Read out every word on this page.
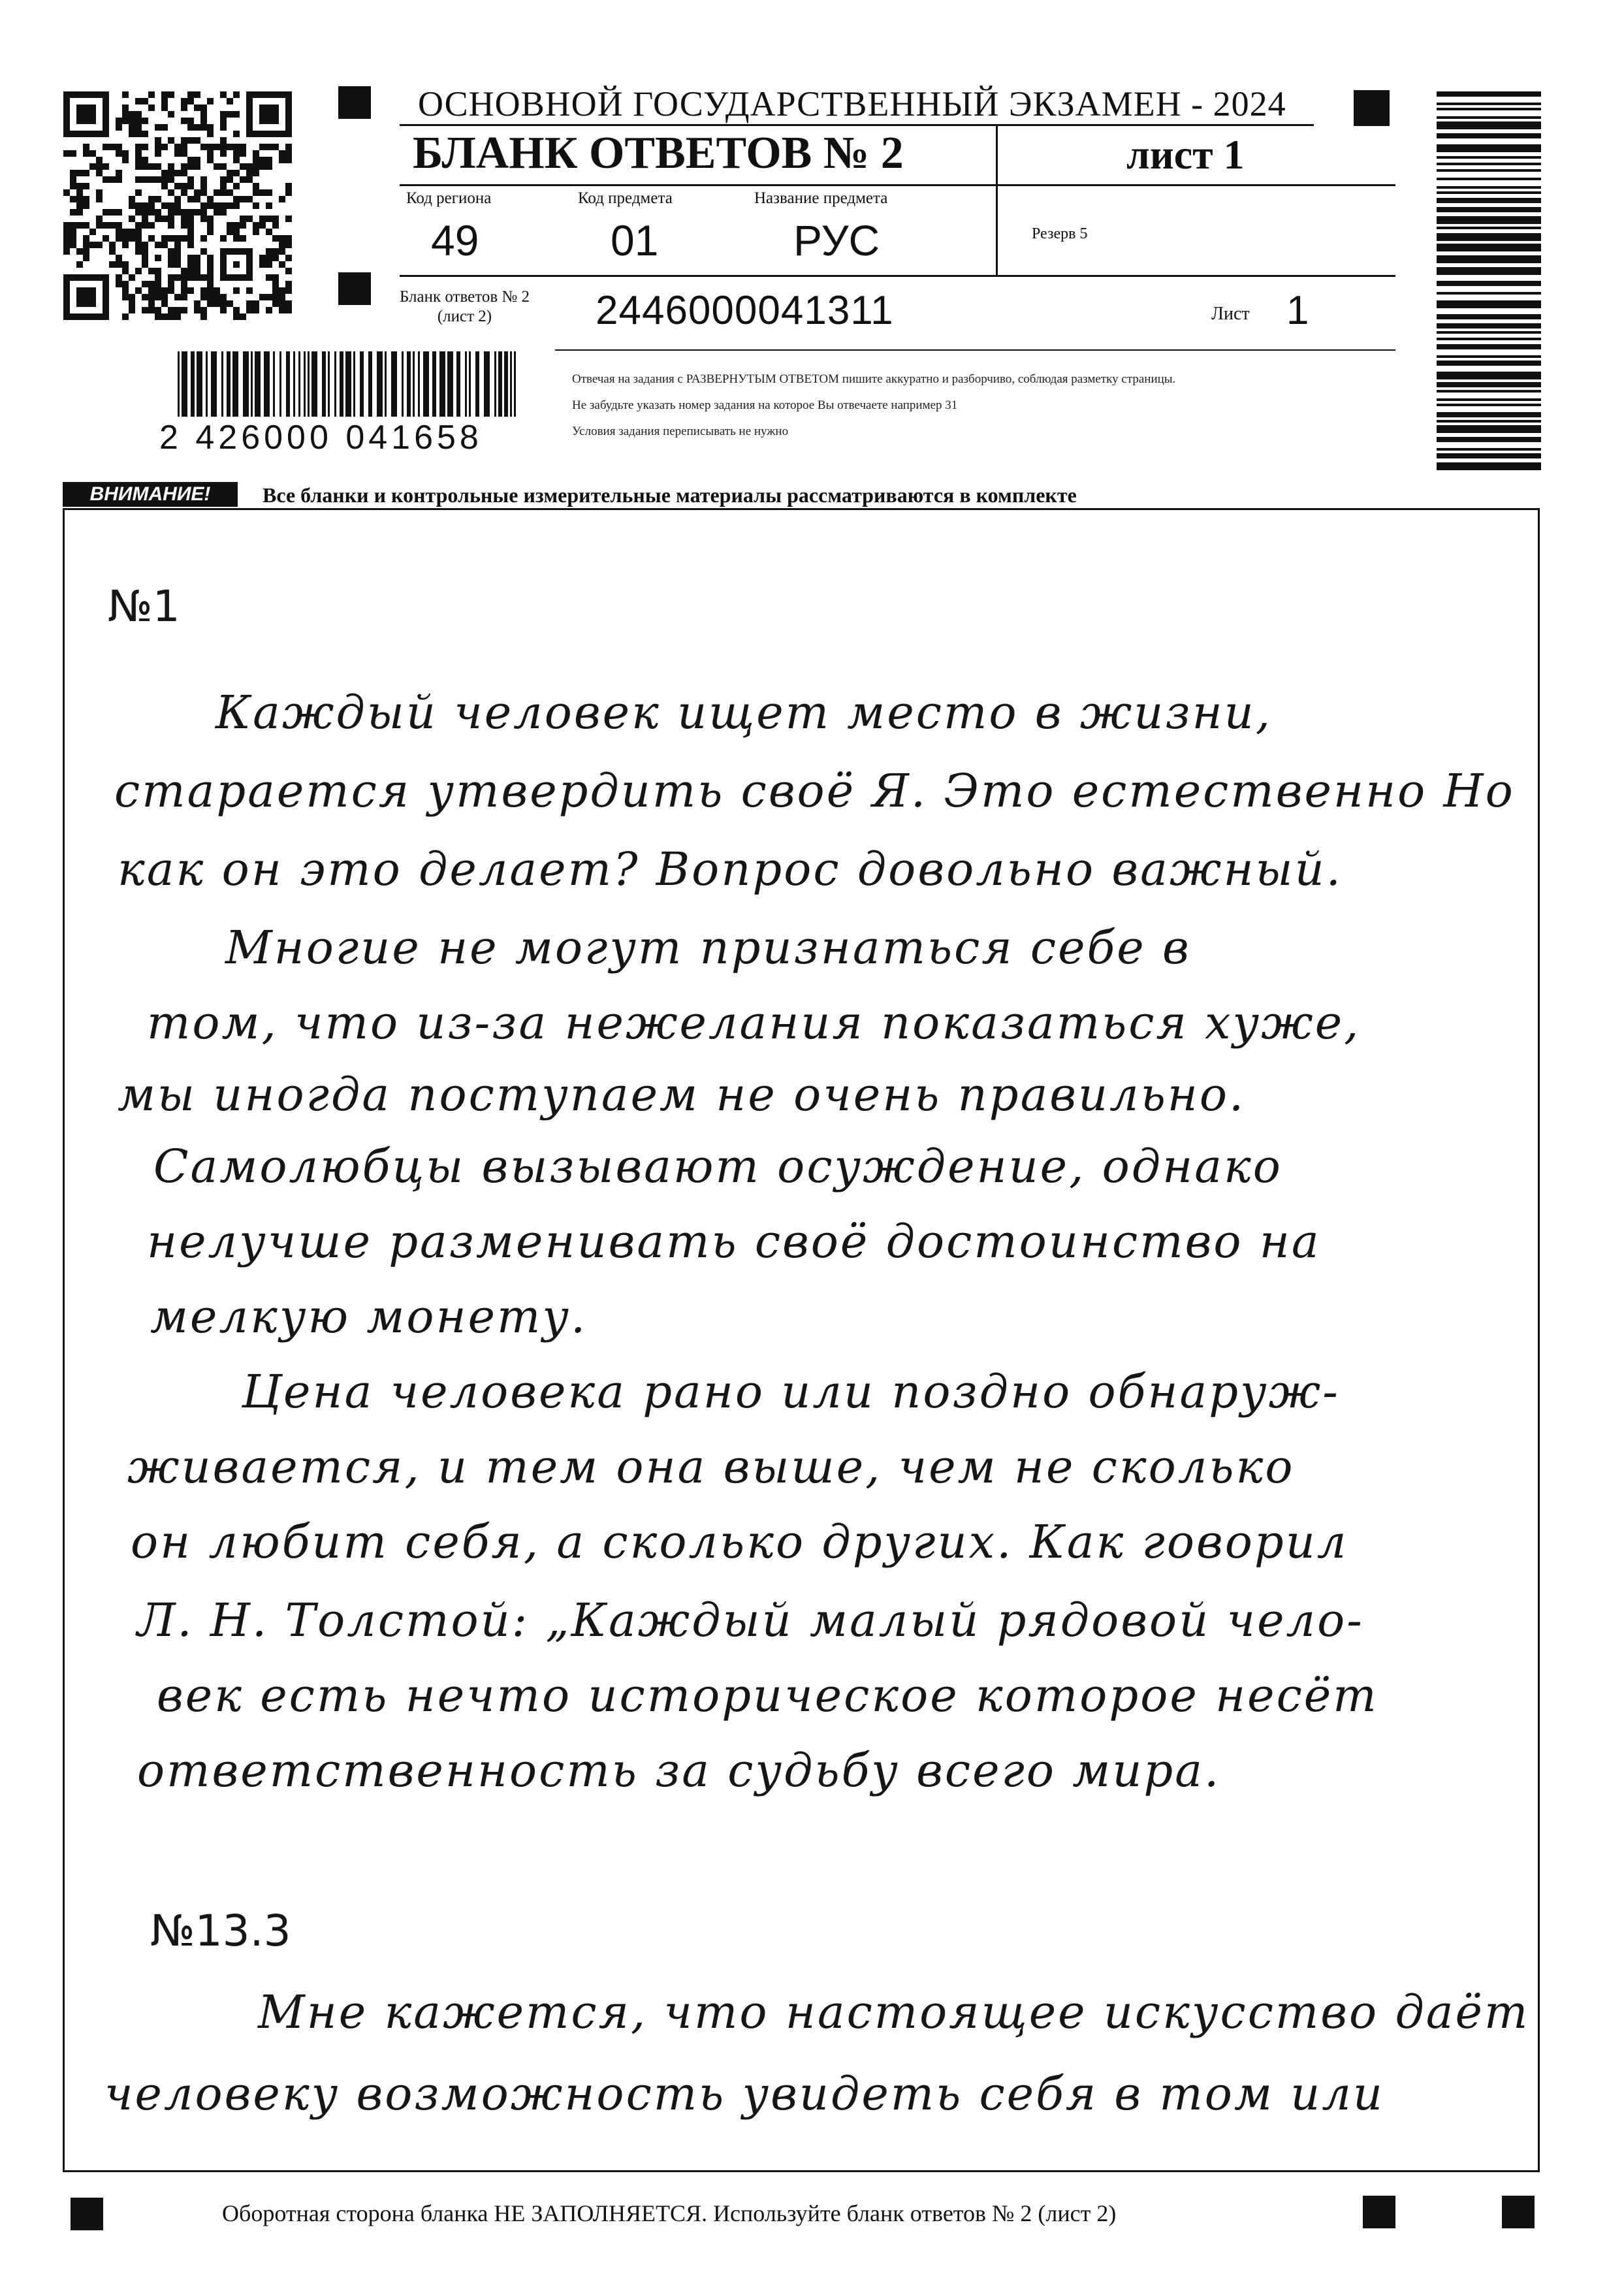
ОСНОВНОЙ ГОСУДАРСТВЕННЫЙ ЭКЗАМЕН - 2024
БЛАНК ОТВЕТОВ № 2	лист 1
Код региона	Код предмета	Название предмета
49	01	РУС	Резерв 5
Бланк ответов № 2
(лист 2)	2446000041311	Лист 1
Отвечая на задания с РАЗВЕРНУТЫМ ОТВЕТОМ пишите аккуратно и разборчиво, соблюдая разметку страницы.
Не забудьте указать номер задания на которое Вы отвечаете например 31
Условия задания переписывать не нужно
2 426000 041658
ВНИМАНИЕ!	Все бланки и контрольные измерительные материалы рассматриваются в комплекте
№1
Каждый человек ищет место в жизни,
старается утвердить своё Я. Это естественно Но
как он это делает? Вопрос довольно важный.
Многие не могут признаться себе в
том, что из-за нежелания показаться хуже,
мы иногда поступаем не очень правильно.
Самолюбцы вызывают осуждение, однако
нелучше разменивать своё достоинство на
мелкую монету.
Цена человека рано или поздно обнаруж-
живается, и тем она выше, чем не сколько
он любит себя, а сколько других. Как говорил
Л. Н. Толстой: „Каждый малый рядовой чело-
век есть нечто историческое которое несёт
ответственность за судьбу всего мира.
№13.3
Мне кажется, что настоящее искусство даёт
человеку возможность увидеть себя в том или
Оборотная сторона бланка НЕ ЗАПОЛНЯЕТСЯ. Используйте бланк ответов № 2 (лист 2)
